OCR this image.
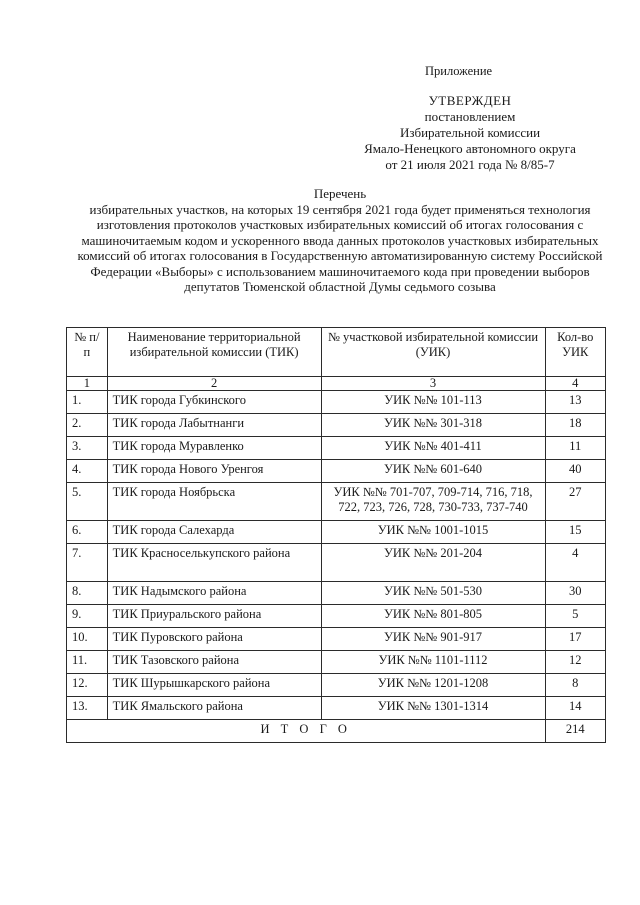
Приложение
УТВЕРЖДЕН
постановлением
Избирательной комиссии
Ямало-Ненецкого автономного округа
от 21 июля 2021 года № 8/85-7
Перечень
избирательных участков, на которых 19 сентября 2021 года будет применяться технология изготовления протоколов участковых избирательных комиссий об итогах голосования с машиночитаемым кодом и ускоренного ввода данных протоколов участковых избирательных комиссий об итогах голосования в Государственную автоматизированную систему Российской Федерации «Выборы» с использованием машиночитаемого кода при проведении выборов депутатов Тюменской областной Думы седьмого созыва
№ п/п	Наименование территориальной избирательной комиссии (ТИК)	№ участковой избирательной комиссии (УИК)	Кол-во УИК
1	2	3	4
1.	ТИК города Губкинского	УИК №№ 101-113	13
2.	ТИК города Лабытнанги	УИК №№ 301-318	18
3.	ТИК города Муравленко	УИК №№ 401-411	11
4.	ТИК города Нового Уренгоя	УИК №№ 601-640	40
5.	ТИК города Ноябрьска	УИК №№ 701-707, 709-714, 716, 718, 722, 723, 726, 728, 730-733, 737-740	27
6.	ТИК города Салехарда	УИК №№ 1001-1015	15
7.	ТИК Красноселькупского района	УИК №№ 201-204	4
8.	ТИК Надымского района	УИК №№ 501-530	30
9.	ТИК Приуральского района	УИК №№ 801-805	5
10.	ТИК Пуровского района	УИК №№ 901-917	17
11.	ТИК Тазовского района	УИК №№ 1101-1112	12
12.	ТИК Шурышкарского района	УИК №№ 1201-1208	8
13.	ТИК Ямальского района	УИК №№ 1301-1314	14
И Т О Г О			214
